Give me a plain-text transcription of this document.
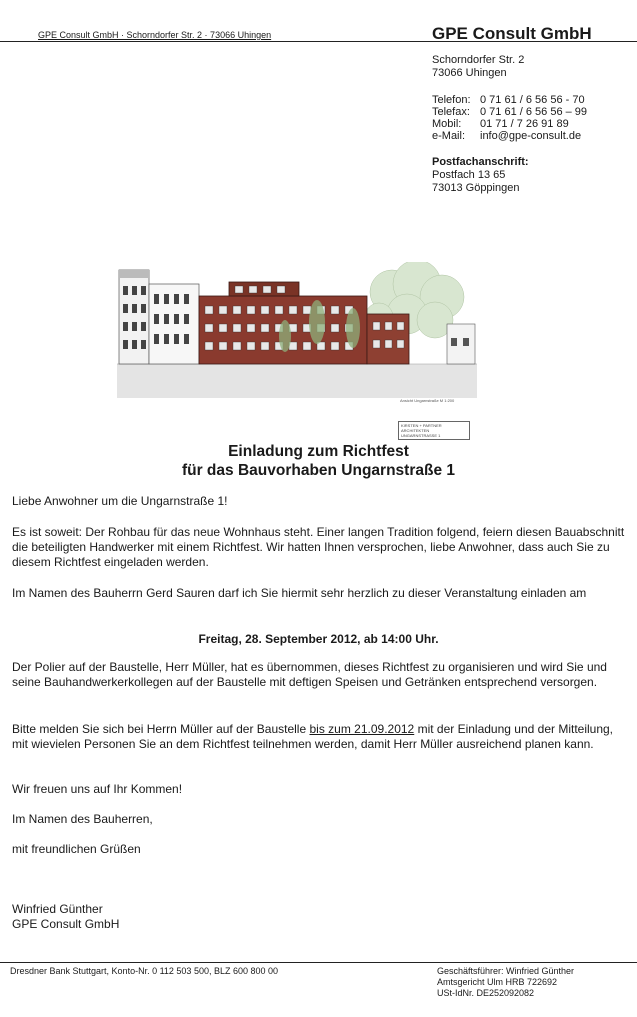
GPE Consult GmbH · Schorndorfer Str. 2 · 73066 Uhingen	GPE Consult GmbH
Schorndorfer Str. 2
73066 Uhingen
Telefon: 0 71 61 / 6 56 56 - 70
Telefax: 0 71 61 / 6 56 56 – 99
Mobil:	01 71 / 7 26 91 89
e-Mail:	info@gpe-consult.de
Postfachanschrift:
Postfach 13 65
73013 Göppingen
Ansicht Ungarnstraße M 1:200
KIRSTEN + PARTNER
ARCHITEKTEN
UNGARNSTRASSE 1
Einladung zum Richtfest
für das Bauvorhaben Ungarnstraße 1
Liebe Anwohner um die Ungarnstraße 1!
Es ist soweit: Der Rohbau für das neue Wohnhaus steht. Einer langen Tradition folgend, feiern diesen Bauabschnitt die beteiligten Handwerker mit einem Richtfest. Wir hatten Ihnen versprochen, liebe Anwohner, dass auch Sie zu diesem Richtfest eingeladen werden.
Im Namen des Bauherrn Gerd Sauren darf ich Sie hiermit sehr herzlich zu dieser Veranstaltung einladen am
Freitag, 28. September 2012, ab 14:00 Uhr.
Der Polier auf der Baustelle, Herr Müller, hat es übernommen, dieses Richtfest zu organisieren und wird Sie und seine Bauhandwerkerkollegen auf der Baustelle mit deftigen Speisen und Getränken entsprechend versorgen.
Bitte melden Sie sich bei Herrn Müller auf der Baustelle bis zum 21.09.2012 mit der Einladung und der Mitteilung, mit wievielen Personen Sie an dem Richtfest teilnehmen werden, damit Herr Müller ausreichend planen kann.
Wir freuen uns auf Ihr Kommen!
Im Namen des Bauherren,
mit freundlichen Grüßen
Winfried Günther
GPE Consult GmbH
Dresdner Bank Stuttgart, Konto-Nr. 0 112 503 500, BLZ 600 800 00	Geschäftsführer: Winfried Günther
Amtsgericht Ulm HRB 722692
USt-IdNr. DE252092082
